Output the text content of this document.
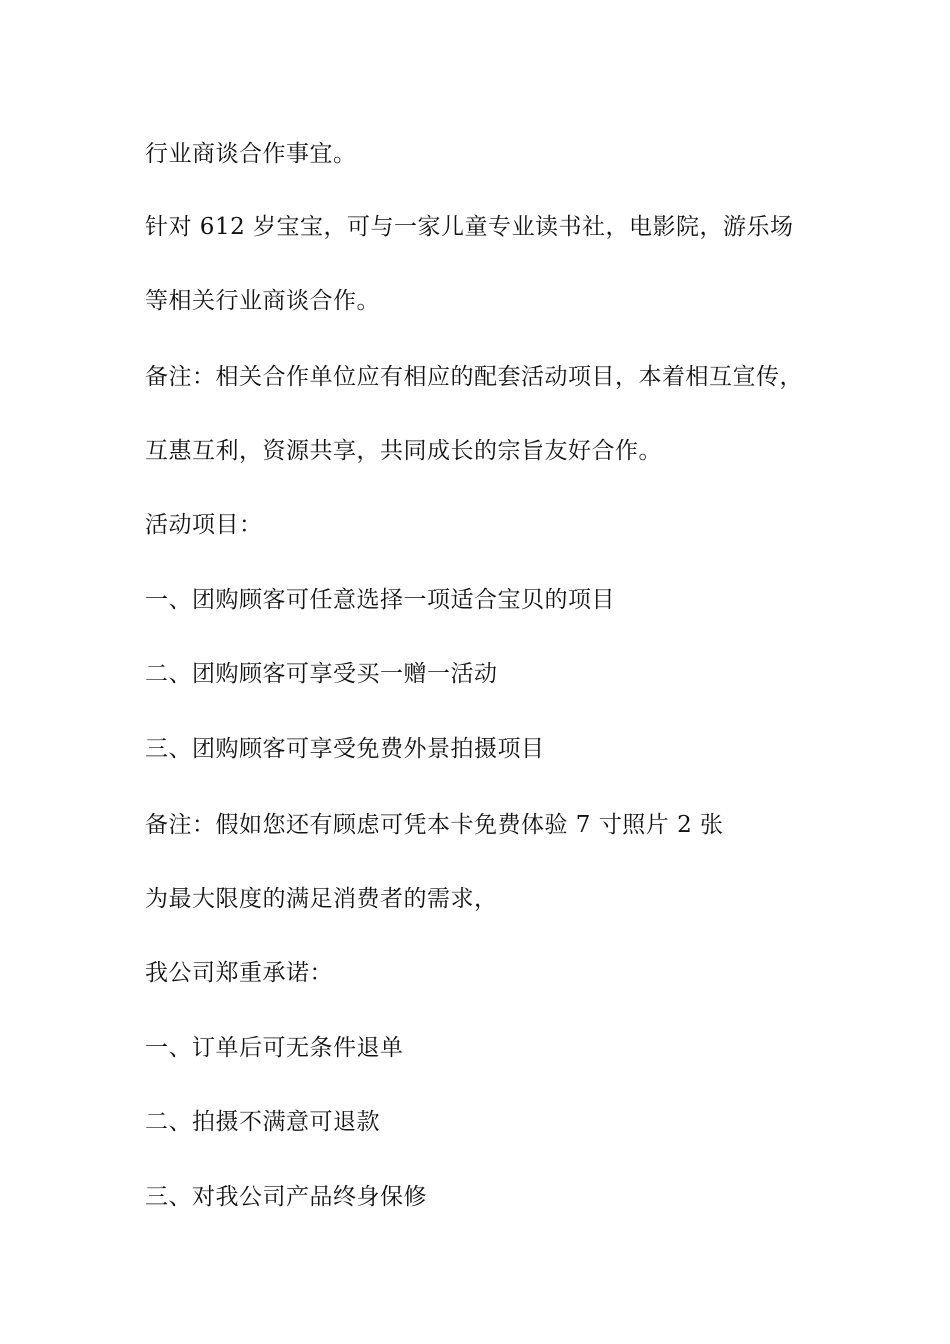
行业商谈合作事宜。

针对 612 岁宝宝，可与一家儿童专业读书社，电影院，游乐场

等相关行业商谈合作。

备注：相关合作单位应有相应的配套活动项目，本着相互宣传，

互惠互利，资源共享，共同成长的宗旨友好合作。

活动项目：

一、团购顾客可任意选择一项适合宝贝的项目

二、团购顾客可享受买一赠一活动

三、团购顾客可享受免费外景拍摄项目

备注：假如您还有顾虑可凭本卡免费体验 7 寸照片 2 张

为最大限度的满足消费者的需求，

我公司郑重承诺：

一、订单后可无条件退单

二、拍摄不满意可退款

三、对我公司产品终身保修
